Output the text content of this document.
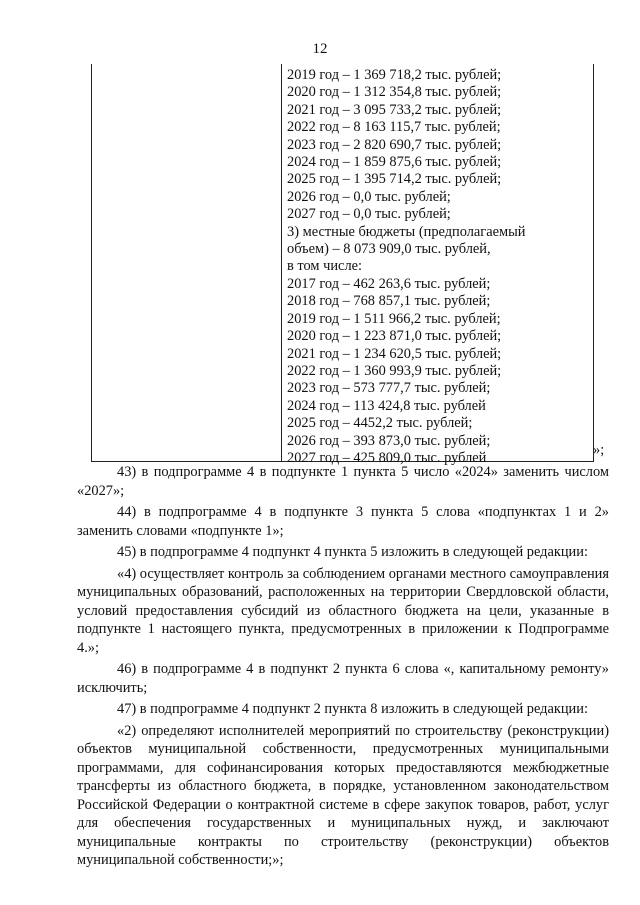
12
2019 год – 1 369 718,2 тыс. рублей;
2020 год – 1 312 354,8 тыс. рублей;
2021 год – 3 095 733,2 тыс. рублей;
2022 год – 8 163 115,7 тыс. рублей;
2023 год – 2 820 690,7 тыс. рублей;
2024 год – 1 859 875,6 тыс. рублей;
2025 год – 1 395 714,2 тыс. рублей;
2026 год – 0,0 тыс. рублей;
2027 год – 0,0 тыс. рублей;
3) местные бюджеты (предполагаемый
объем) – 8 073 909,0 тыс. рублей,
в том числе:
2017 год – 462 263,6 тыс. рублей;
2018 год – 768 857,1 тыс. рублей;
2019 год – 1 511 966,2 тыс. рублей;
2020 год – 1 223 871,0 тыс. рублей;
2021 год – 1 234 620,5 тыс. рублей;
2022 год – 1 360 993,9 тыс. рублей;
2023 год – 573 777,7 тыс. рублей;
2024 год – 113 424,8 тыс. рублей
2025 год – 4452,2 тыс. рублей;
2026 год – 393 873,0 тыс. рублей;
2027 год – 425 809,0 тыс. рублей	»;

43) в подпрограмме 4 в подпункте 1 пункта 5 число «2024» заменить числом «2027»;

44) в подпрограмме 4 в подпункте 3 пункта 5 слова «подпунктах 1 и 2» заменить словами «подпункте 1»;

45) в подпрограмме 4 подпункт 4 пункта 5 изложить в следующей редакции:

«4) осуществляет контроль за соблюдением органами местного самоуправления муниципальных образований, расположенных на территории Свердловской области, условий предоставления субсидий из областного бюджета на цели, указанные в подпункте 1 настоящего пункта, предусмотренных в приложении к Подпрограмме 4.»;

46) в подпрограмме 4 в подпункт 2 пункта 6 слова «, капитальному ремонту» исключить;

47) в подпрограмме 4 подпункт 2 пункта 8 изложить в следующей редакции:

«2) определяют исполнителей мероприятий по строительству (реконструкции) объектов муниципальной собственности, предусмотренных муниципальными программами, для софинансирования которых предоставляются межбюджетные трансферты из областного бюджета, в порядке, установленном законодательством Российской Федерации о контрактной системе в сфере закупок товаров, работ, услуг для обеспечения государственных и муниципальных нужд, и заключают муниципальные контракты по строительству (реконструкции) объектов муниципальной собственности;»;
